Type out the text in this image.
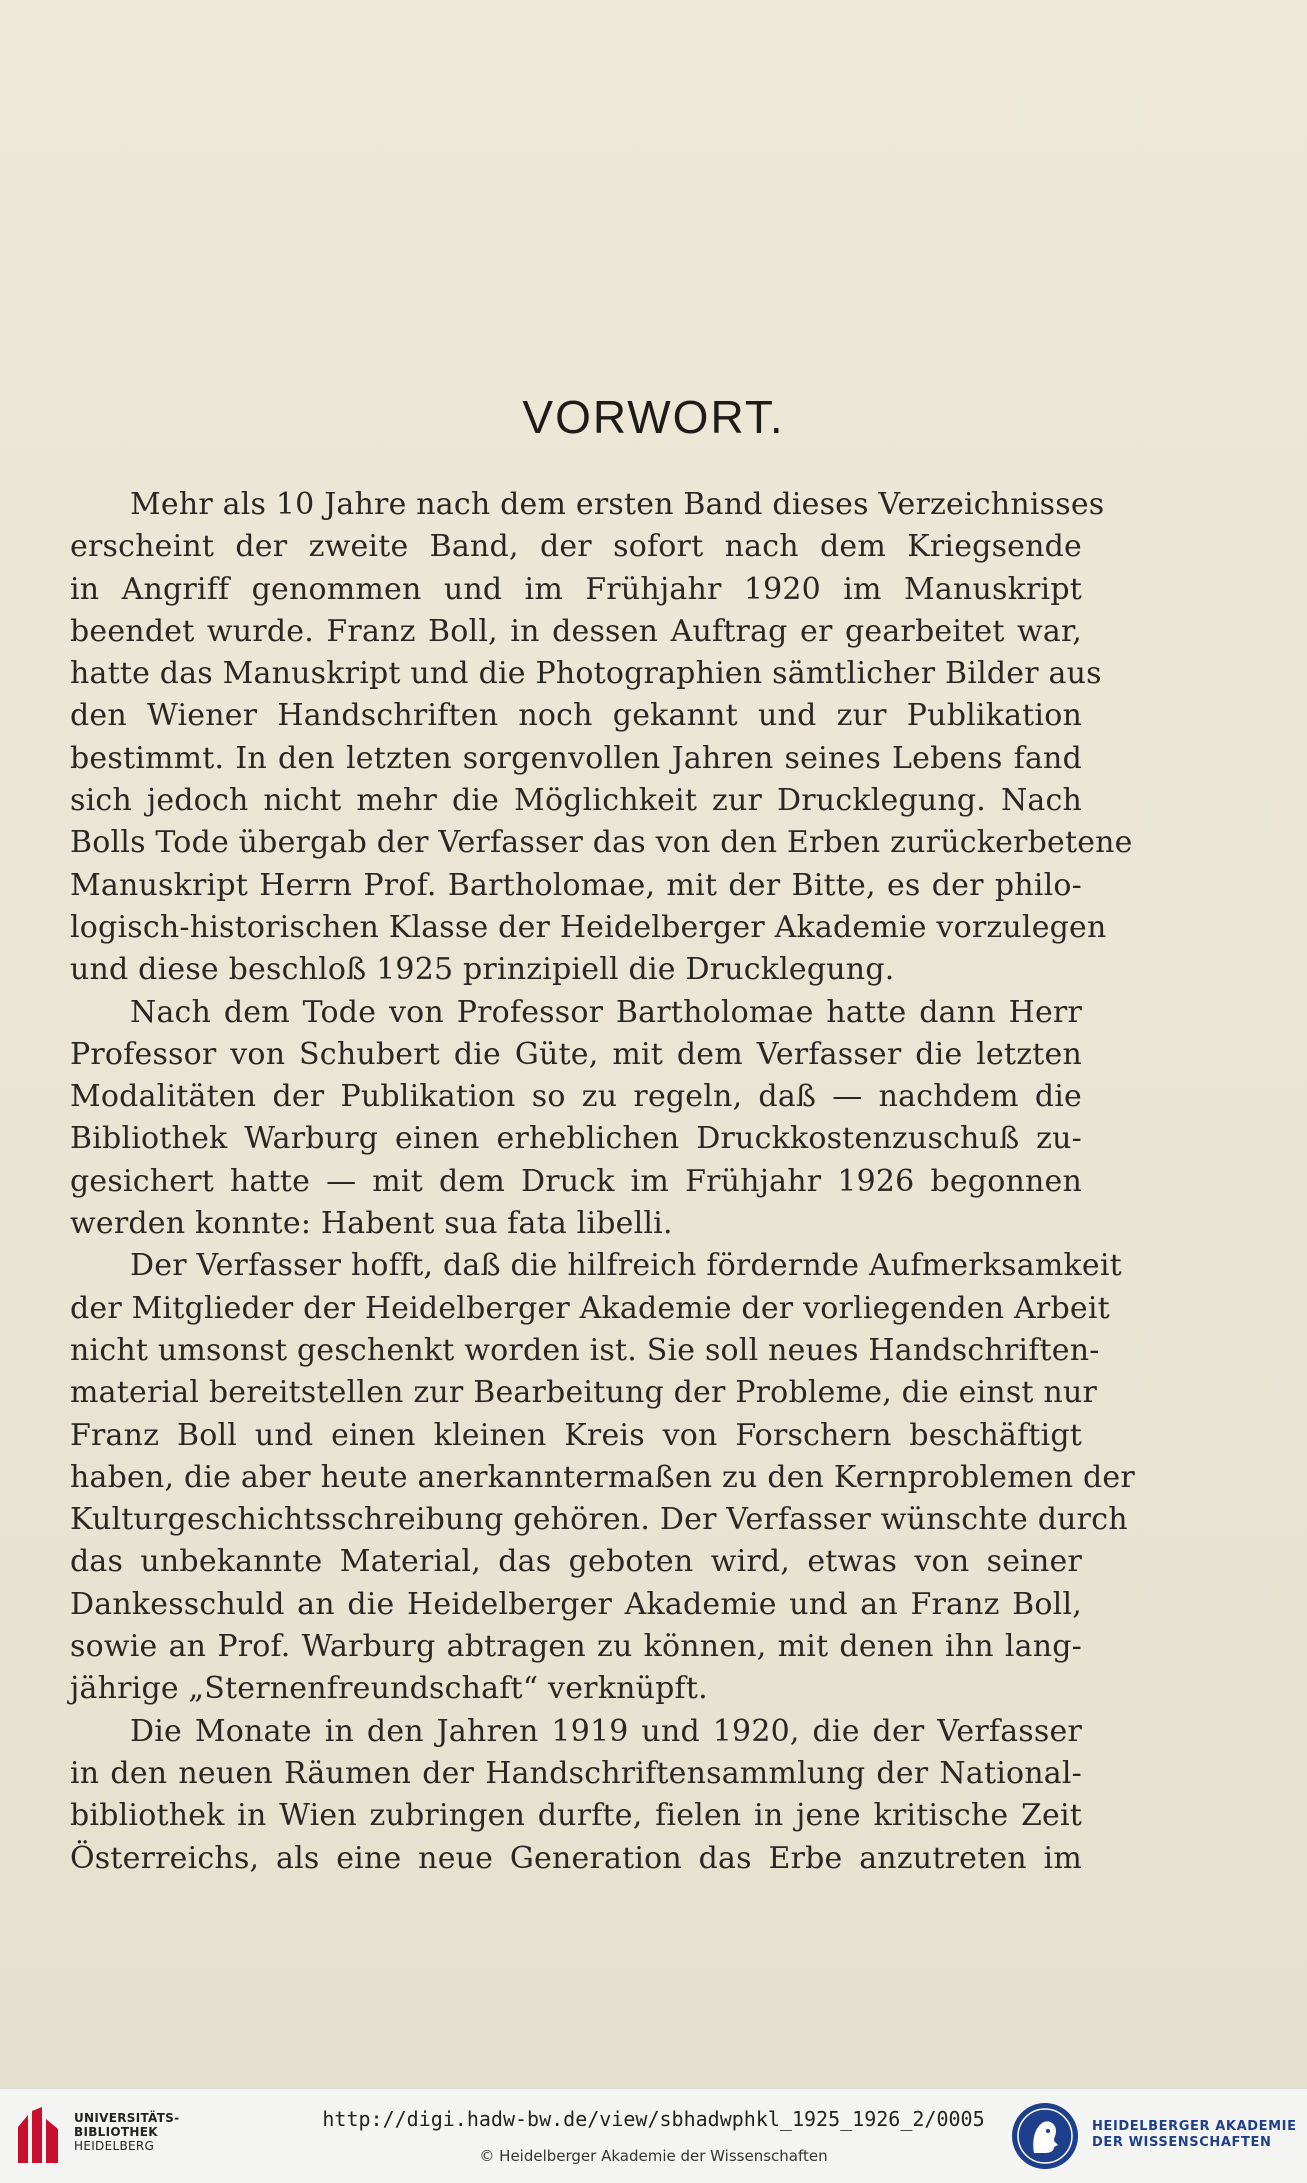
VORWORT.
Mehr als 10 Jahre nach dem ersten Band dieses Verzeichnisses
erscheint der zweite Band, der sofort nach dem Kriegsende
in Angriff genommen und im Frühjahr 1920 im Manuskript
beendet wurde. Franz Boll, in dessen Auftrag er gearbeitet war,
hatte das Manuskript und die Photographien sämtlicher Bilder aus
den Wiener Handschriften noch gekannt und zur Publikation
bestimmt. In den letzten sorgenvollen Jahren seines Lebens fand
sich jedoch nicht mehr die Möglichkeit zur Drucklegung. Nach
Bolls Tode übergab der Verfasser das von den Erben zurückerbetene
Manuskript Herrn Prof. Bartholomae, mit der Bitte, es der philo-
logisch-historischen Klasse der Heidelberger Akademie vorzulegen
und diese beschloß 1925 prinzipiell die Drucklegung.
Nach dem Tode von Professor Bartholomae hatte dann Herr
Professor von Schubert die Güte, mit dem Verfasser die letzten
Modalitäten der Publikation so zu regeln, daß — nachdem die
Bibliothek Warburg einen erheblichen Druckkostenzuschuß zu-
gesichert hatte — mit dem Druck im Frühjahr 1926 begonnen
werden konnte: Habent sua fata libelli.
Der Verfasser hofft, daß die hilfreich fördernde Aufmerksamkeit
der Mitglieder der Heidelberger Akademie der vorliegenden Arbeit
nicht umsonst geschenkt worden ist. Sie soll neues Handschriften-
material bereitstellen zur Bearbeitung der Probleme, die einst nur
Franz Boll und einen kleinen Kreis von Forschern beschäftigt
haben, die aber heute anerkanntermaßen zu den Kernproblemen der
Kulturgeschichtsschreibung gehören. Der Verfasser wünschte durch
das unbekannte Material, das geboten wird, etwas von seiner
Dankesschuld an die Heidelberger Akademie und an Franz Boll,
sowie an Prof. Warburg abtragen zu können, mit denen ihn lang-
jährige „Sternenfreundschaft“ verknüpft.
Die Monate in den Jahren 1919 und 1920, die der Verfasser
in den neuen Räumen der Handschriftensammlung der National-
bibliothek in Wien zubringen durfte, fielen in jene kritische Zeit
Österreichs, als eine neue Generation das Erbe anzutreten im
UNIVERSITÄTS-
BIBLIOTHEK
HEIDELBERG
http://digi.hadw-bw.de/view/sbhadwphkl_1925_1926_2/0005
© Heidelberger Akademie der Wissenschaften
HEIDELBERGER AKADEMIE
DER WISSENSCHAFTEN
